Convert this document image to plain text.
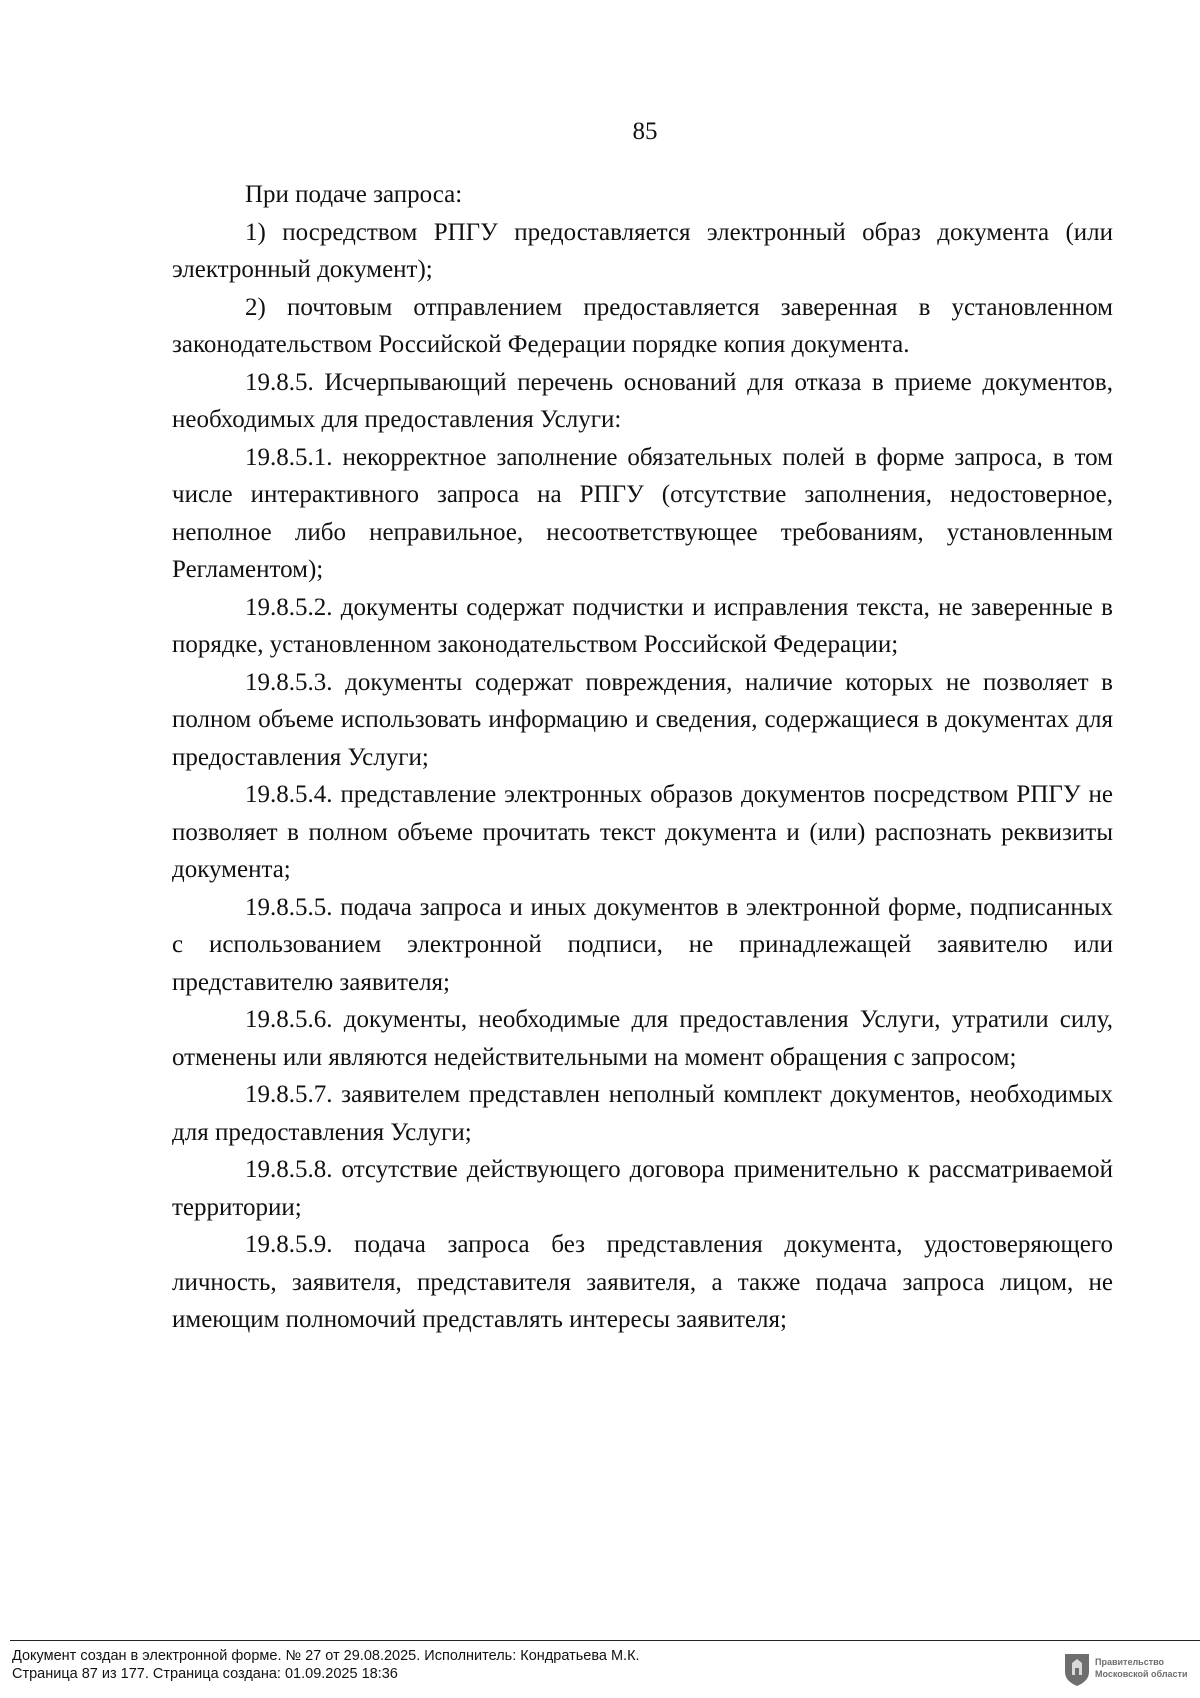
85

При подаче запроса:

1) посредством РПГУ предоставляется электронный образ документа (или электронный документ);

2) почтовым отправлением предоставляется заверенная в установленном законодательством Российской Федерации порядке копия документа.

19.8.5. Исчерпывающий перечень оснований для отказа в приеме документов, необходимых для предоставления Услуги:

19.8.5.1. некорректное заполнение обязательных полей в форме запроса, в том числе интерактивного запроса на РПГУ (отсутствие заполнения, недостоверное, неполное либо неправильное, несоответствующее требованиям, установленным Регламентом);

19.8.5.2. документы содержат подчистки и исправления текста, не заверенные в порядке, установленном законодательством Российской Федерации;

19.8.5.3. документы содержат повреждения, наличие которых не позволяет в полном объеме использовать информацию и сведения, содержащиеся в документах для предоставления Услуги;

19.8.5.4. представление электронных образов документов посредством РПГУ не позволяет в полном объеме прочитать текст документа и (или) распознать реквизиты документа;

19.8.5.5. подача запроса и иных документов в электронной форме, подписанных с использованием электронной подписи, не принадлежащей заявителю или представителю заявителя;

19.8.5.6. документы, необходимые для предоставления Услуги, утратили силу, отменены или являются недействительными на момент обращения с запросом;

19.8.5.7. заявителем представлен неполный комплект документов, необходимых для предоставления Услуги;

19.8.5.8. отсутствие действующего договора применительно к рассматриваемой территории;

19.8.5.9. подача запроса без представления документа, удостоверяющего личность, заявителя, представителя заявителя, а также подача запроса лицом, не имеющим полномочий представлять интересы заявителя;

Документ создан в электронной форме. № 27 от 29.08.2025. Исполнитель: Кондратьева М.К.
Страница 87 из 177. Страница создана: 01.09.2025 18:36
Правительство
Московской области
